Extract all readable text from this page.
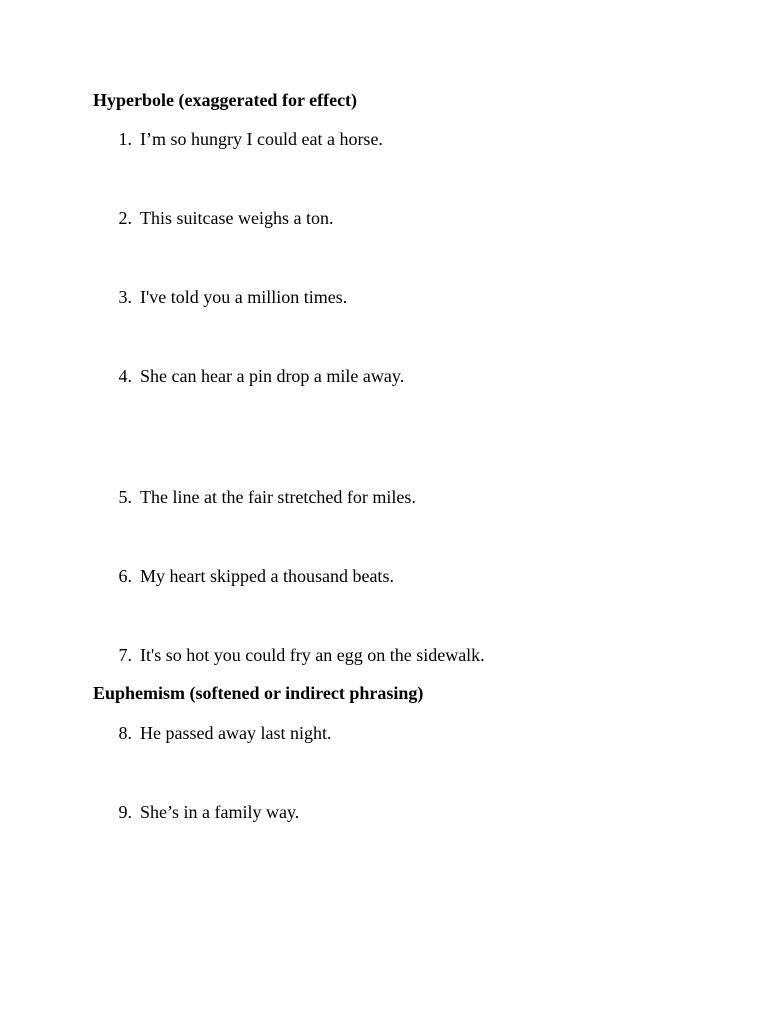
Hyperbole (exaggerated for effect)
1. I’m so hungry I could eat a horse.
2. This suitcase weighs a ton.
3. I've told you a million times.
4. She can hear a pin drop a mile away.
5. The line at the fair stretched for miles.
6. My heart skipped a thousand beats.
7. It's so hot you could fry an egg on the sidewalk.
Euphemism (softened or indirect phrasing)
8. He passed away last night.
9. She’s in a family way.
